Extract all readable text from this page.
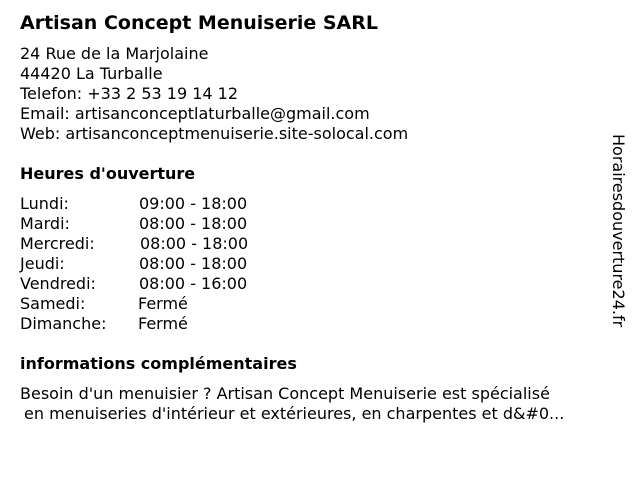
Artisan Concept Menuiserie SARL
24 Rue de la Marjolaine
44420 La Turballe
Telefon: +33 2 53 19 14 12
Email: artisanconceptlaturballe@gmail.com
Web: artisanconceptmenuiserie.site-solocal.com
Heures d'ouverture
Lundi:	09:00 - 18:00
Mardi:	08:00 - 18:00
Mercredi:	08:00 - 18:00
Jeudi:	08:00 - 18:00
Vendredi:	08:00 - 16:00
Samedi:	Fermé
Dimanche: Fermé
informations complémentaires
Besoin d'un menuisier ? Artisan Concept Menuiserie est spécialisé
en menuiseries d'intérieur et extérieures, en charpentes et d&#0...
Horairesdouverture24.fr
